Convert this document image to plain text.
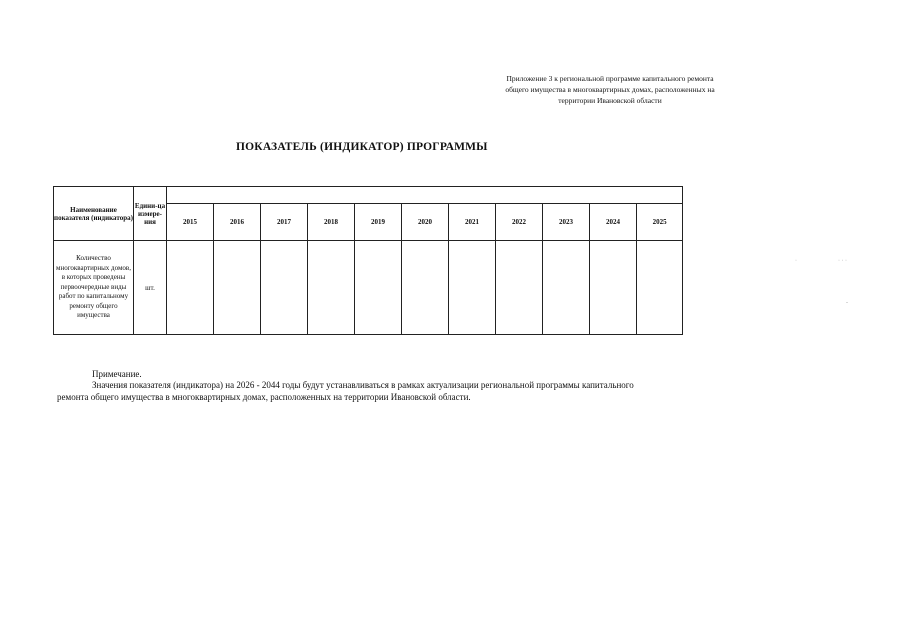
Приложение 3 к региональной программе капитального ремонта
общего имущества в многоквартирных домах, расположенных на
территории Ивановской области
ПОКАЗАТЕЛЬ (ИНДИКАТОР) ПРОГРАММЫ
Наименование показателя (индикатора)	Едини-ца измере-ния											
		2015	2016	2017	2018	2019	2020	2021	2022	2023	2024	2025
Количество многоквартирных домов, в которых проведены первоочередные виды работ по капитальному ремонту общего имущества	шт.											
Примечание.
Значения показателя (индикатора) на 2026 - 2044 годы будут устанавливаться в рамках актуализации региональной программы капитального ремонта общего имущества в многоквартирных домах, расположенных на территории Ивановской области.
·	· · ·
-
